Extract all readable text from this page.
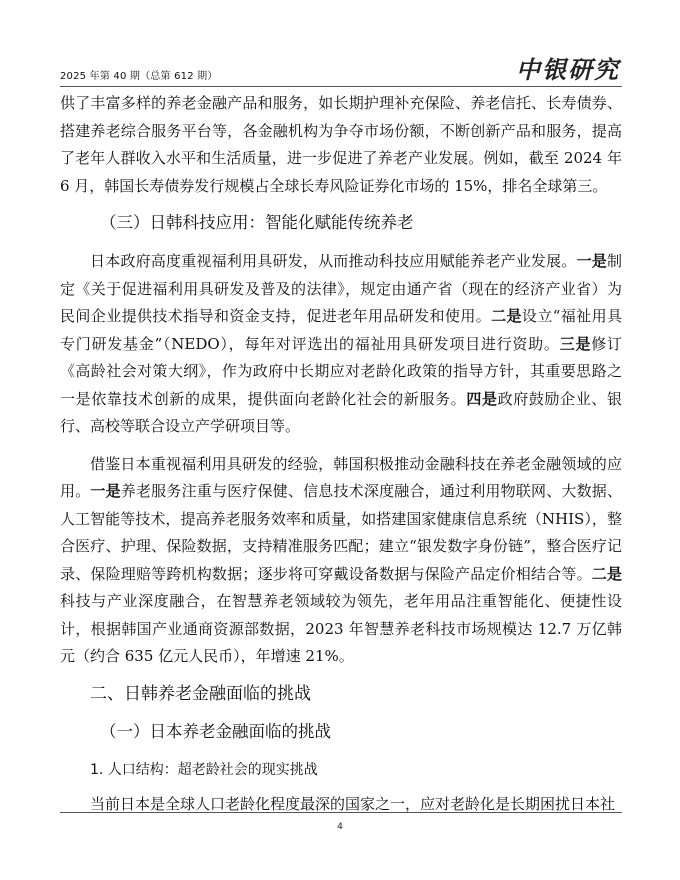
2025 年第 40 期（总第 612 期）	中银研究

供了丰富多样的养老金融产品和服务，如长期护理补充保险、养老信托、长寿债券、搭建养老综合服务平台等，各金融机构为争夺市场份额，不断创新产品和服务，提高了老年人群收入水平和生活质量，进一步促进了养老产业发展。例如，截至 2024 年 6 月，韩国长寿债券发行规模占全球长寿风险证券化市场的 15%，排名全球第三。

（三）日韩科技应用：智能化赋能传统养老

日本政府高度重视福利用具研发，从而推动科技应用赋能养老产业发展。一是制定《关于促进福利用具研发及普及的法律》，规定由通产省（现在的经济产业省）为民间企业提供技术指导和资金支持，促进老年用品研发和使用。二是设立“福祉用具专门研发基金”（NEDO），每年对评选出的福祉用具研发项目进行资助。三是修订《高龄社会对策大纲》，作为政府中长期应对老龄化政策的指导方针，其重要思路之一是依靠技术创新的成果，提供面向老龄化社会的新服务。四是政府鼓励企业、银行、高校等联合设立产学研项目等。

借鉴日本重视福利用具研发的经验，韩国积极推动金融科技在养老金融领域的应用。一是养老服务注重与医疗保健、信息技术深度融合，通过利用物联网、大数据、人工智能等技术，提高养老服务效率和质量，如搭建国家健康信息系统（NHIS），整合医疗、护理、保险数据，支持精准服务匹配；建立“银发数字身份链”，整合医疗记录、保险理赔等跨机构数据；逐步将可穿戴设备数据与保险产品定价相结合等。二是科技与产业深度融合，在智慧养老领域较为领先，老年用品注重智能化、便捷性设计，根据韩国产业通商资源部数据，2023 年智慧养老科技市场规模达 12.7 万亿韩元（约合 635 亿元人民币），年增速 21%。

二、日韩养老金融面临的挑战
（一）日本养老金融面临的挑战
1. 人口结构：超老龄社会的现实挑战

当前日本是全球人口老龄化程度最深的国家之一，应对老龄化是长期困扰日本社

4
